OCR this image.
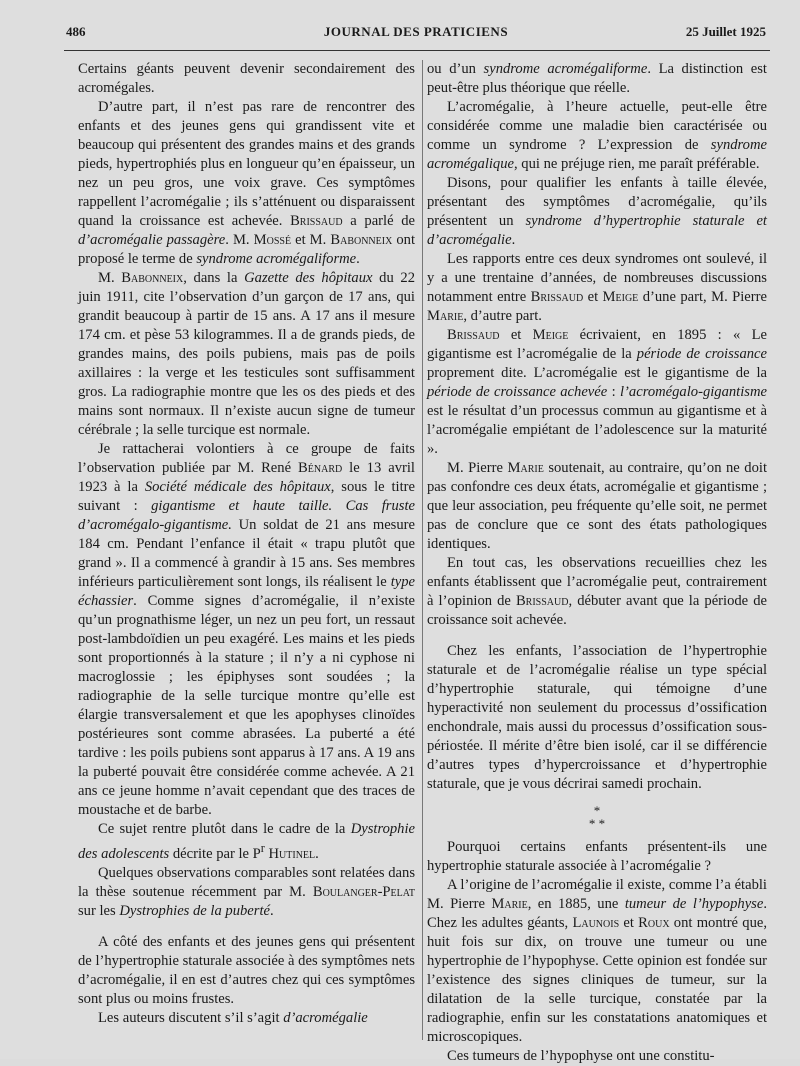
486	JOURNAL DES PRATICIENS	25 Juillet 1925

Certains géants peuvent devenir secondairement des acromégales.

D’autre part, il n’est pas rare de rencontrer des enfants et des jeunes gens qui grandissent vite et beaucoup qui présentent des grandes mains et des grands pieds, hypertrophiés plus en longueur qu’en épaisseur, un nez un peu gros, une voix grave. Ces symptômes rappellent l’acromégalie ; ils s’atténuent ou disparaissent quand la croissance est achevée. Brissaud a parlé de d’acromégalie passagère. M. Mossé et M. Babonneix ont proposé le terme de syndrome acromégaliforme.

M. Babonneix, dans la Gazette des hôpitaux du 22 juin 1911, cite l’observation d’un garçon de 17 ans, qui grandit beaucoup à partir de 15 ans. A 17 ans il mesure 174 cm. et pèse 53 kilogrammes. Il a de grands pieds, de grandes mains, des poils pubiens, mais pas de poils axillaires : la verge et les testicules sont suffisamment gros. La radiographie montre que les os des pieds et des mains sont normaux. Il n’existe aucun signe de tumeur cérébrale ; la selle turcique est normale.

Je rattacherai volontiers à ce groupe de faits l’observation publiée par M. René Bénard le 13 avril 1923 à la Société médicale des hôpitaux, sous le titre suivant : gigantisme et haute taille. Cas fruste d’acromégalo-gigantisme. Un soldat de 21 ans mesure 184 cm. Pendant l’enfance il était « trapu plutôt que grand ». Il a commencé à grandir à 15 ans. Ses membres inférieurs particulièrement sont longs, ils réalisent le type échassier. Comme signes d’acromégalie, il n’existe qu’un prognathisme léger, un nez un peu fort, un ressaut post-lambdoïdien un peu exagéré. Les mains et les pieds sont proportionnés à la stature ; il n’y a ni cyphose ni macroglossie ; les épiphyses sont soudées ; la radiographie de la selle turcique montre qu’elle est élargie transversalement et que les apophyses clinoïdes postérieures sont comme abrasées. La puberté a été tardive : les poils pubiens sont apparus à 17 ans. A 19 ans la puberté pouvait être considérée comme achevée. A 21 ans ce jeune homme n’avait cependant que des traces de moustache et de barbe.

Ce sujet rentre plutôt dans le cadre de la Dystrophie des adolescents décrite par le $P^r$ Hutinel.

Quelques observations comparables sont relatées dans la thèse soutenue récemment par M. Boulanger-Pelat sur les Dystrophies de la puberté.

A côté des enfants et des jeunes gens qui présentent de l’hypertrophie staturale associée à des symptômes nets d’acromégalie, il en est d’autres chez qui ces symptômes sont plus ou moins frustes.

Les auteurs discutent s’il s’agit d’acromégalie

ou d’un syndrome acromégaliforme. La distinction est peut-être plus théorique que réelle.

L’acromégalie, à l’heure actuelle, peut-elle être considérée comme une maladie bien caractérisée ou comme un syndrome ? L’expression de syndrome acromégalique, qui ne préjuge rien, me paraît préférable.

Disons, pour qualifier les enfants à taille élevée, présentant des symptômes d’acromégalie, qu’ils présentent un syndrome d’hypertrophie staturale et d’acromégalie.

Les rapports entre ces deux syndromes ont soulevé, il y a une trentaine d’années, de nombreuses discussions notamment entre Brissaud et Meige d’une part, M. Pierre Marie, d’autre part.

Brissaud et Meige écrivaient, en 1895 : « Le gigantisme est l’acromégalie de la période de croissance proprement dite. L’acromégalie est le gigantisme de la période de croissance achevée : l’acromégalo-gigantisme est le résultat d’un processus commun au gigantisme et à l’acromégalie empiétant de l’adolescence sur la maturité ».

M. Pierre Marie soutenait, au contraire, qu’on ne doit pas confondre ces deux états, acromégalie et gigantisme ; que leur association, peu fréquente qu’elle soit, ne permet pas de conclure que ce sont des états pathologiques identiques.

En tout cas, les observations recueillies chez les enfants établissent que l’acromégalie peut, contrairement à l’opinion de Brissaud, débuter avant que la période de croissance soit achevée.

Chez les enfants, l’association de l’hypertrophie staturale et de l’acromégalie réalise un type spécial d’hypertrophie staturale, qui témoigne d’une hyperactivité non seulement du processus d’ossification enchondrale, mais aussi du processus d’ossification sous-périostée. Il mérite d’être bien isolé, car il se différencie d’autres types d’hypercroissance et d’hypertrophie staturale, que je vous décrirai samedi prochain.

*
* *

Pourquoi certains enfants présentent-ils une hypertrophie staturale associée à l’acromégalie ?

A l’origine de l’acromégalie il existe, comme l’a établi M. Pierre Marie, en 1885, une tumeur de l’hypophyse. Chez les adultes géants, Launois et Roux ont montré que, huit fois sur dix, on trouve une tumeur ou une hypertrophie de l’hypophyse. Cette opinion est fondée sur l’existence des signes cliniques de tumeur, sur la dilatation de la selle turcique, constatée par la radiographie, enfin sur les constatations anatomiques et microscopiques.

Ces tumeurs de l’hypophyse ont une constitu-
